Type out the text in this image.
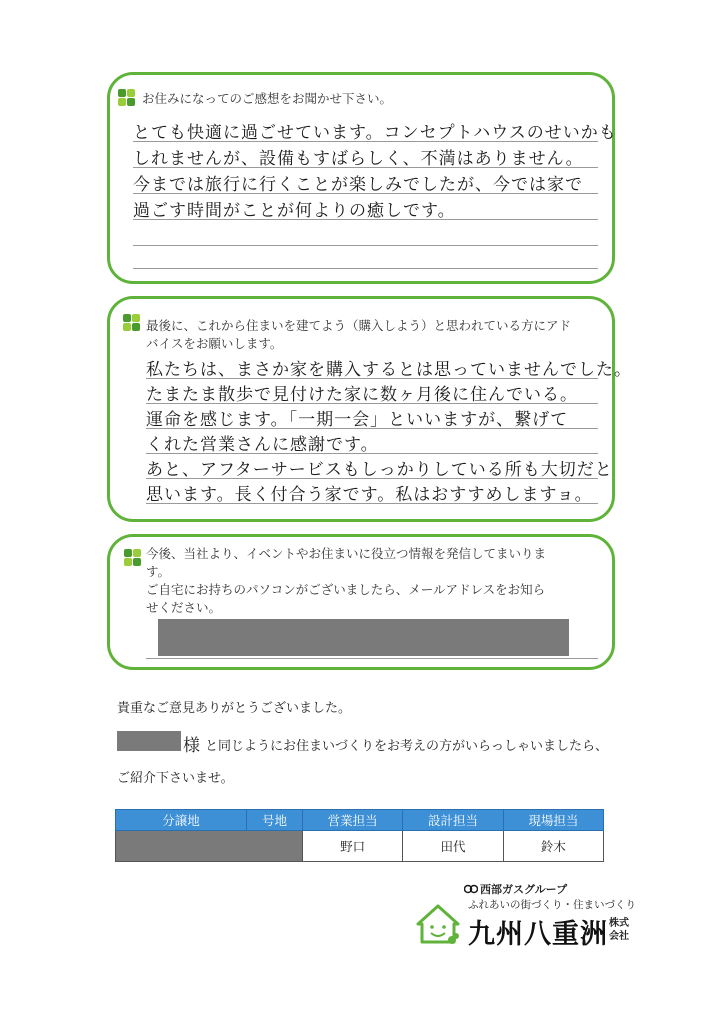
お住みになってのご感想をお聞かせ下さい。
とても快適に過ごせています。コンセプトハウスのせいかも
しれませんが、設備もすばらしく、不満はありません。
今までは旅行に行くことが楽しみでしたが、今では家で
過ごす時間がことが何よりの癒しです。
最後に、これから住まいを建てよう（購入しよう）と思われている方にアド
バイスをお願いします。
私たちは、まさか家を購入するとは思っていませんでした。
たまたま散歩で見付けた家に数ヶ月後に住んでいる。
運命を感じます。「一期一会」といいますが、繋げて
くれた営業さんに感謝です。
あと、アフターサービスもしっかりしている所も大切だと
思います。長く付合う家です。私はおすすめしますョ。
今後、当社より、イベントやお住まいに役立つ情報を発信してまいりま
す。
ご自宅にお持ちのパソコンがございましたら、メールアドレスをお知ら
せください。
貴重なご意見ありがとうございました。
様 と同じようにお住まいづくりをお考えの方がいらっしゃいましたら、
ご紹介下さいませ。
分譲地	号地	営業担当	設計担当	現場担当
		野口	田代	鈴木
西部ガスグループ
ふれあいの街づくり・住まいづくり
九州八重洲 株式
会社
